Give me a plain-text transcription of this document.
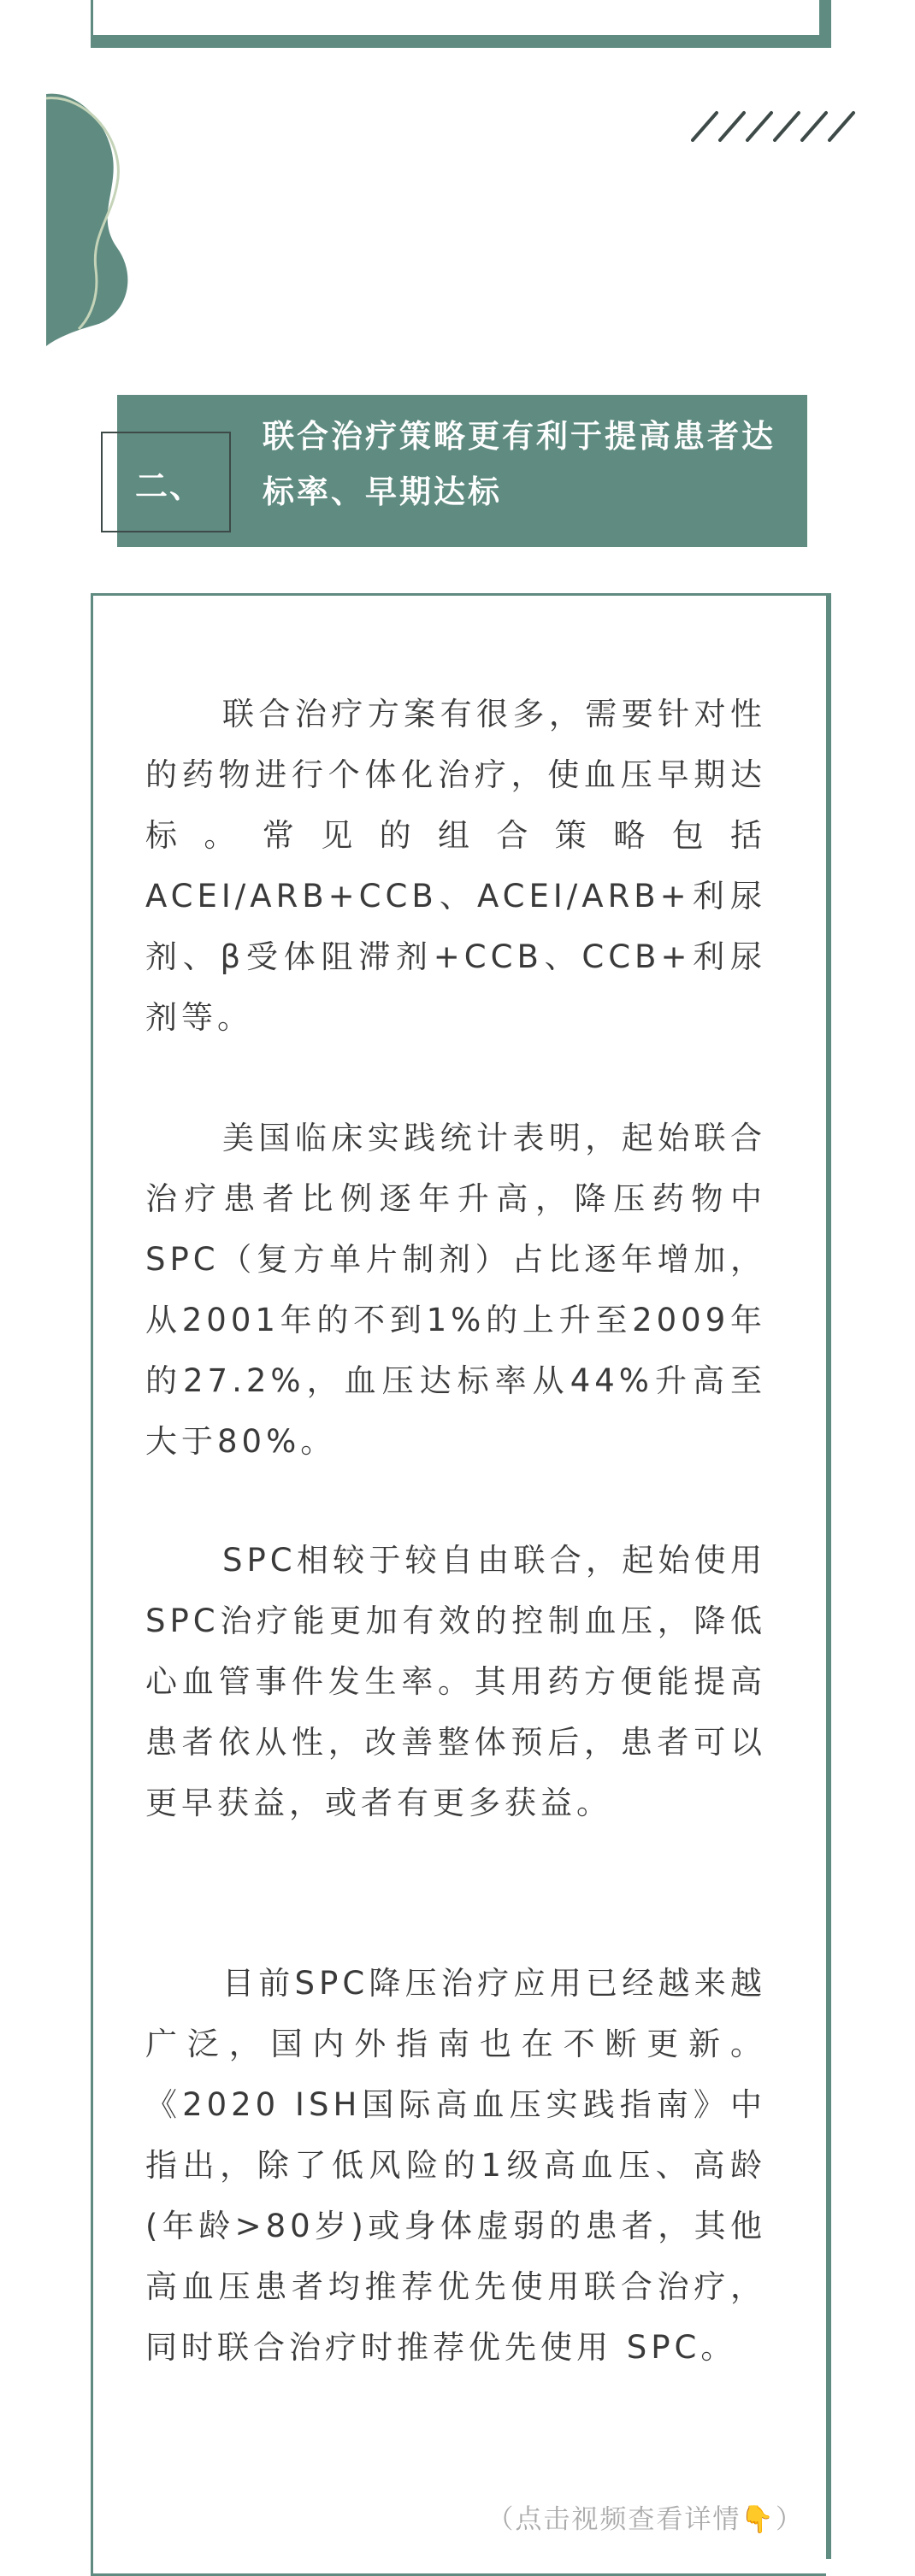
二、
联合治疗策略更有利于提高患者达标率、早期达标

联合治疗方案有很多，需要针对性的药物进行个体化治疗，使血压早期达标。常见的组合策略包括ACEI/ARB+CCB、ACEI/ARB+利尿剂、β受体阻滞剂+CCB、CCB+利尿剂等。

美国临床实践统计表明，起始联合治疗患者比例逐年升高，降压药物中SPC（复方单片制剂）占比逐年增加，从2001年的不到1%的上升至2009年的27.2%，血压达标率从44%升高至大于80%。

SPC相较于较自由联合，起始使用SPC治疗能更加有效的控制血压，降低心血管事件发生率。其用药方便能提高患者依从性，改善整体预后，患者可以更早获益，或者有更多获益。

目前SPC降压治疗应用已经越来越广泛，国内外指南也在不断更新。《2020 ISH国际高血压实践指南》中指出，除了低风险的1级高血压、高龄(年龄>80岁)或身体虚弱的患者，其他高血压患者均推荐优先使用联合治疗，同时联合治疗时推荐优先使用 SPC。

（点击视频查看详情👇）
